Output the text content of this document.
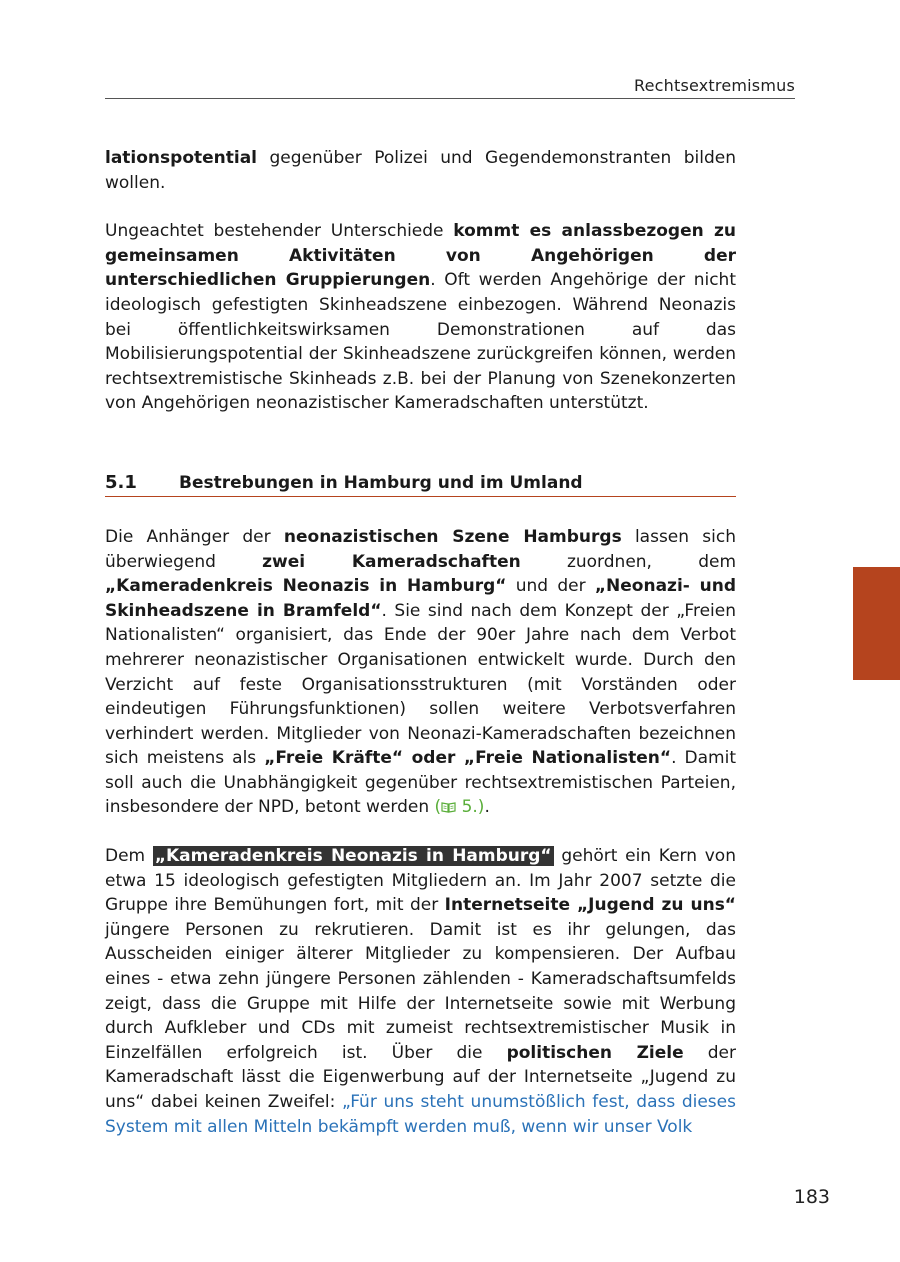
Rechtsextremismus

lationspotential gegenüber Polizei und Gegendemonstranten bilden wollen.

Ungeachtet bestehender Unterschiede kommt es anlassbezogen zu gemeinsamen Aktivitäten von Angehörigen der unterschiedlichen Gruppierungen. Oft werden Angehörige der nicht ideologisch gefestigten Skinheadszene einbezogen. Während Neonazis bei öffentlichkeitswirksamen Demonstrationen auf das Mobilisierungspotential der Skinheadszene zurückgreifen können, werden rechtsextremistische Skinheads z.B. bei der Planung von Szenekonzerten von Angehörigen neonazistischer Kameradschaften unterstützt.

5.1	Bestrebungen in Hamburg und im Umland

Die Anhänger der neonazistischen Szene Hamburgs lassen sich überwiegend zwei Kameradschaften zuordnen, dem „Kameradenkreis Neonazis in Hamburg“ und der „Neonazi- und Skinheadszene in Bramfeld“. Sie sind nach dem Konzept der „Freien Nationalisten“ organisiert, das Ende der 90er Jahre nach dem Verbot mehrerer neonazistischer Organisationen entwickelt wurde. Durch den Verzicht auf feste Organisationsstrukturen (mit Vorständen oder eindeutigen Führungsfunktionen) sollen weitere Verbotsverfahren verhindert werden. Mitglieder von Neonazi-Kameradschaften bezeichnen sich meistens als „Freie Kräfte“ oder „Freie Nationalisten“. Damit soll auch die Unabhängigkeit gegenüber rechtsextremistischen Parteien, insbesondere der NPD, betont werden ( 5.).

Dem „Kameradenkreis Neonazis in Hamburg“ gehört ein Kern von etwa 15 ideologisch gefestigten Mitgliedern an. Im Jahr 2007 setzte die Gruppe ihre Bemühungen fort, mit der Internetseite „Jugend zu uns“ jüngere Personen zu rekrutieren. Damit ist es ihr gelungen, das Ausscheiden einiger älterer Mitglieder zu kompensieren. Der Aufbau eines - etwa zehn jüngere Personen zählenden - Kameradschaftsumfelds zeigt, dass die Gruppe mit Hilfe der Internetseite sowie mit Werbung durch Aufkleber und CDs mit zumeist rechtsextremistischer Musik in Einzelfällen erfolgreich ist. Über die politischen Ziele der Kameradschaft lässt die Eigenwerbung auf der Internetseite „Jugend zu uns“ dabei keinen Zweifel: „Für uns steht unumstößlich fest, dass dieses System mit allen Mitteln bekämpft werden muß, wenn wir unser Volk

183
